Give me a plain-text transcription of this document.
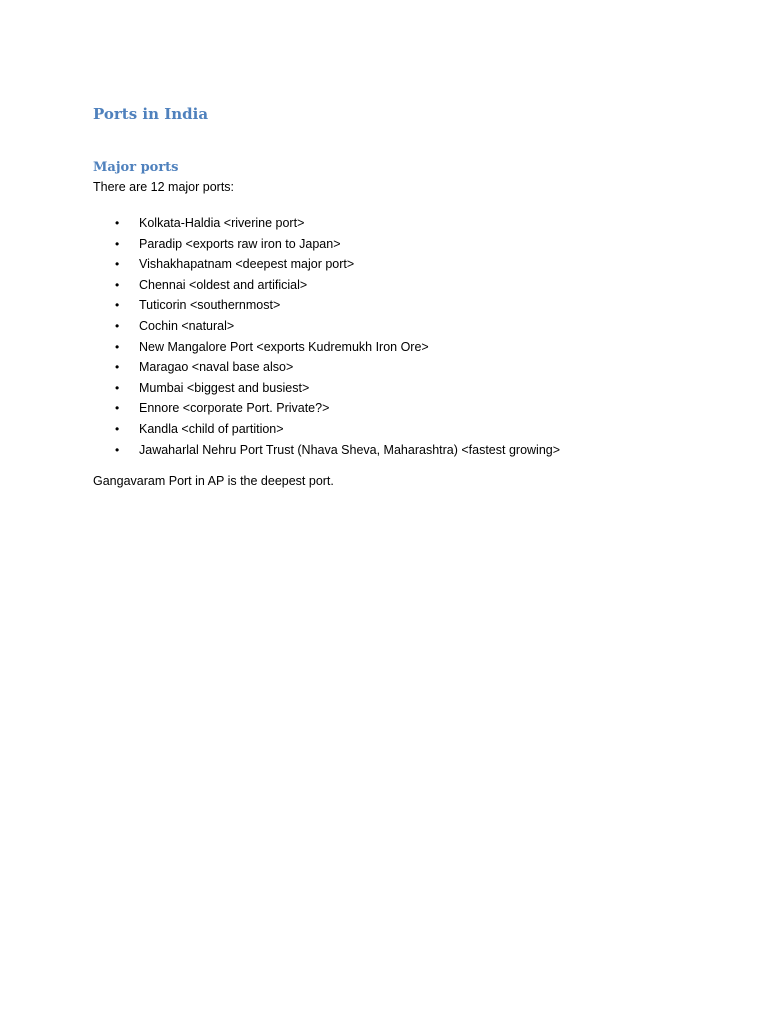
Ports in India
Major ports

There are 12 major ports:

• Kolkata-Haldia <riverine port>
• Paradip <exports raw iron to Japan>
• Vishakhapatnam <deepest major port>
• Chennai <oldest and artificial>
• Tuticorin <southernmost>
• Cochin <natural>
• New Mangalore Port <exports Kudremukh Iron Ore>
• Maragao <naval base also>
• Mumbai <biggest and busiest>
• Ennore <corporate Port. Private?>
• Kandla <child of partition>
• Jawaharlal Nehru Port Trust (Nhava Sheva, Maharashtra) <fastest growing>

Gangavaram Port in AP is the deepest port.
